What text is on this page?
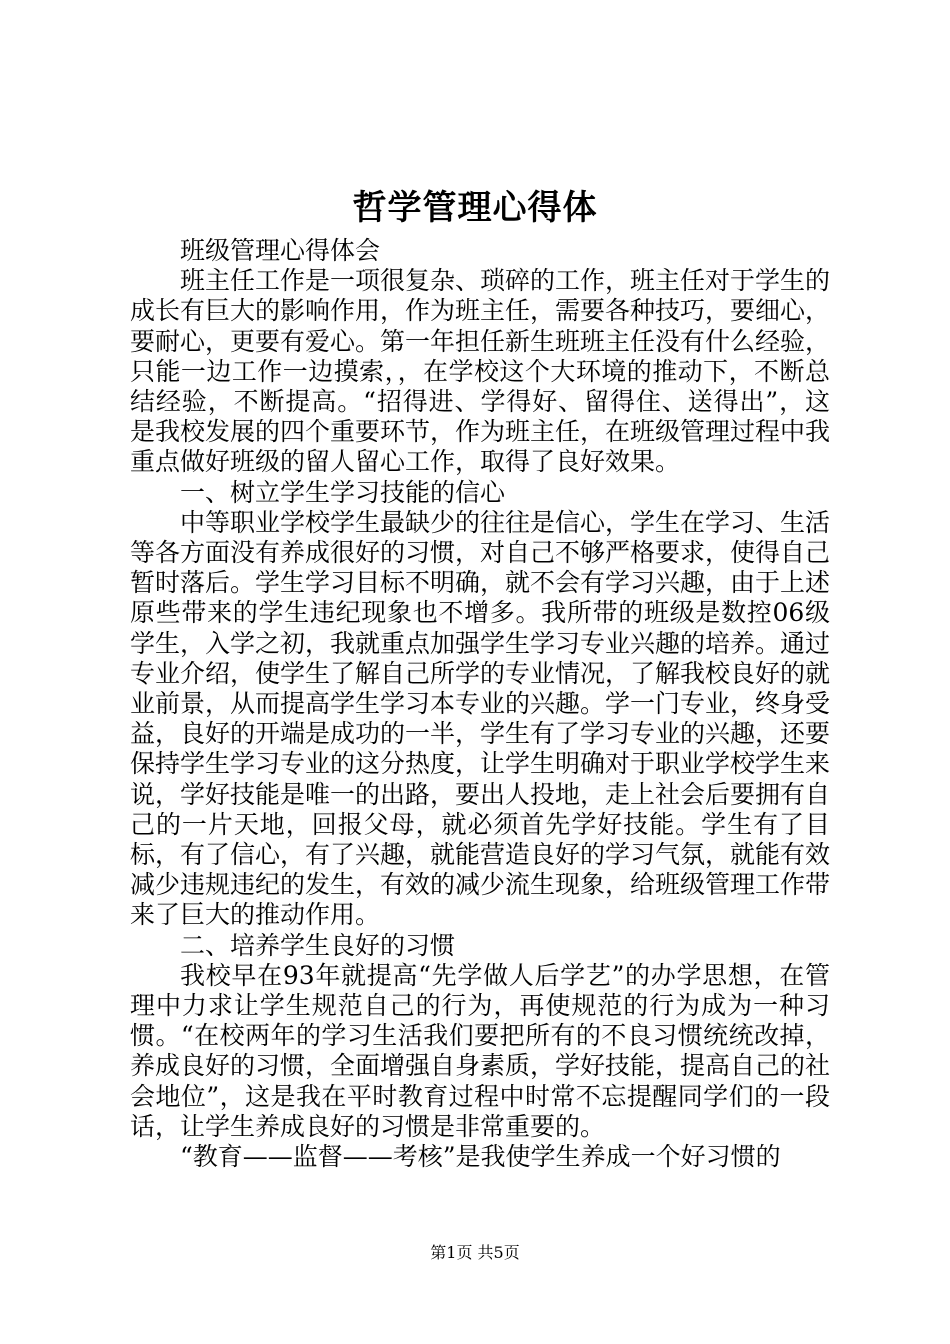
哲学管理心得体

班级管理心得体会

班主任工作是一项很复杂、琐碎的工作，班主任对于学生的成长有巨大的影响作用，作为班主任，需要各种技巧，要细心，要耐心，更要有爱心。第一年担任新生班班主任没有什么经验，只能一边工作一边摸索，，在学校这个大环境的推动下，不断总结经验，不断提高。“招得进、学得好、留得住、送得出”，这是我校发展的四个重要环节，作为班主任，在班级管理过程中我重点做好班级的留人留心工作，取得了良好效果。

一、树立学生学习技能的信心

中等职业学校学生最缺少的往往是信心，学生在学习、生活等各方面没有养成很好的习惯，对自己不够严格要求，使得自己暂时落后。学生学习目标不明确，就不会有学习兴趣，由于上述原些带来的学生违纪现象也不增多。我所带的班级是数控06级学生，入学之初，我就重点加强学生学习专业兴趣的培养。通过专业介绍，使学生了解自己所学的专业情况，了解我校良好的就业前景，从而提高学生学习本专业的兴趣。学一门专业，终身受益，良好的开端是成功的一半，学生有了学习专业的兴趣，还要保持学生学习专业的这分热度，让学生明确对于职业学校学生来说，学好技能是唯一的出路，要出人投地，走上社会后要拥有自己的一片天地，回报父母，就必须首先学好技能。学生有了目标，有了信心，有了兴趣，就能营造良好的学习气氛，就能有效减少违规违纪的发生，有效的减少流生现象，给班级管理工作带来了巨大的推动作用。

二、培养学生良好的习惯

我校早在93年就提高“先学做人后学艺”的办学思想，在管理中力求让学生规范自己的行为，再使规范的行为成为一种习惯。“在校两年的学习生活我们要把所有的不良习惯统统改掉，养成良好的习惯，全面增强自身素质，学好技能，提高自己的社会地位”，这是我在平时教育过程中时常不忘提醒同学们的一段话，让学生养成良好的习惯是非常重要的。

“教育——监督——考核”是我使学生养成一个好习惯的

第1页 共5页
